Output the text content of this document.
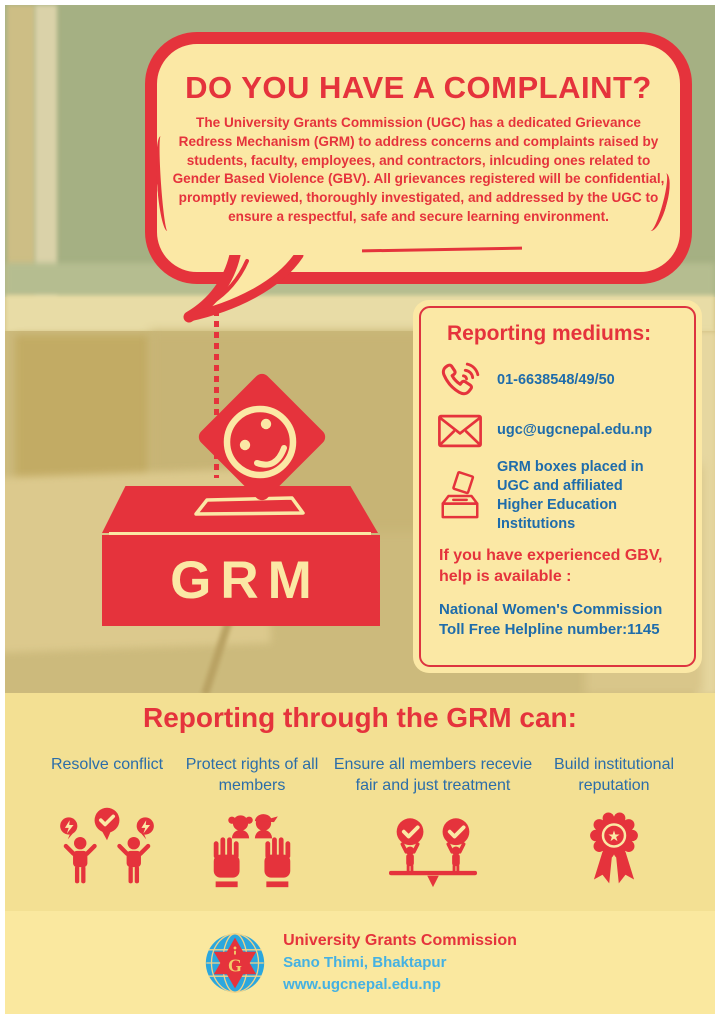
DO YOU HAVE A COMPLAINT?

The University Grants Commission (UGC) has a dedicated Grievance Redress Mechanism (GRM) to address concerns and complaints raised by students, faculty, employees, and contractors, inlcuding ones related to Gender Based Violence (GBV). All grievances registered will be confidential, promptly reviewed, thoroughly investigated, and addressed by the UGC to ensure a respectful, safe and secure learning environment.

GRM
Reporting mediums:
01-6638548/49/50
ugc@ugcnepal.edu.np
GRM boxes placed in UGC and affiliated Higher Education Institutions

If you have experienced GBV, help is available :

National Women's Commission Toll Free Helpline number:1145

Reporting through the GRM can:

Resolve conflict	Protect rights of all members

Ensure all members recevie fair and just treatment

Build institutional reputation

★
G

University Grants Commission

Sano Thimi, Bhaktapur

www.ugcnepal.edu.np
